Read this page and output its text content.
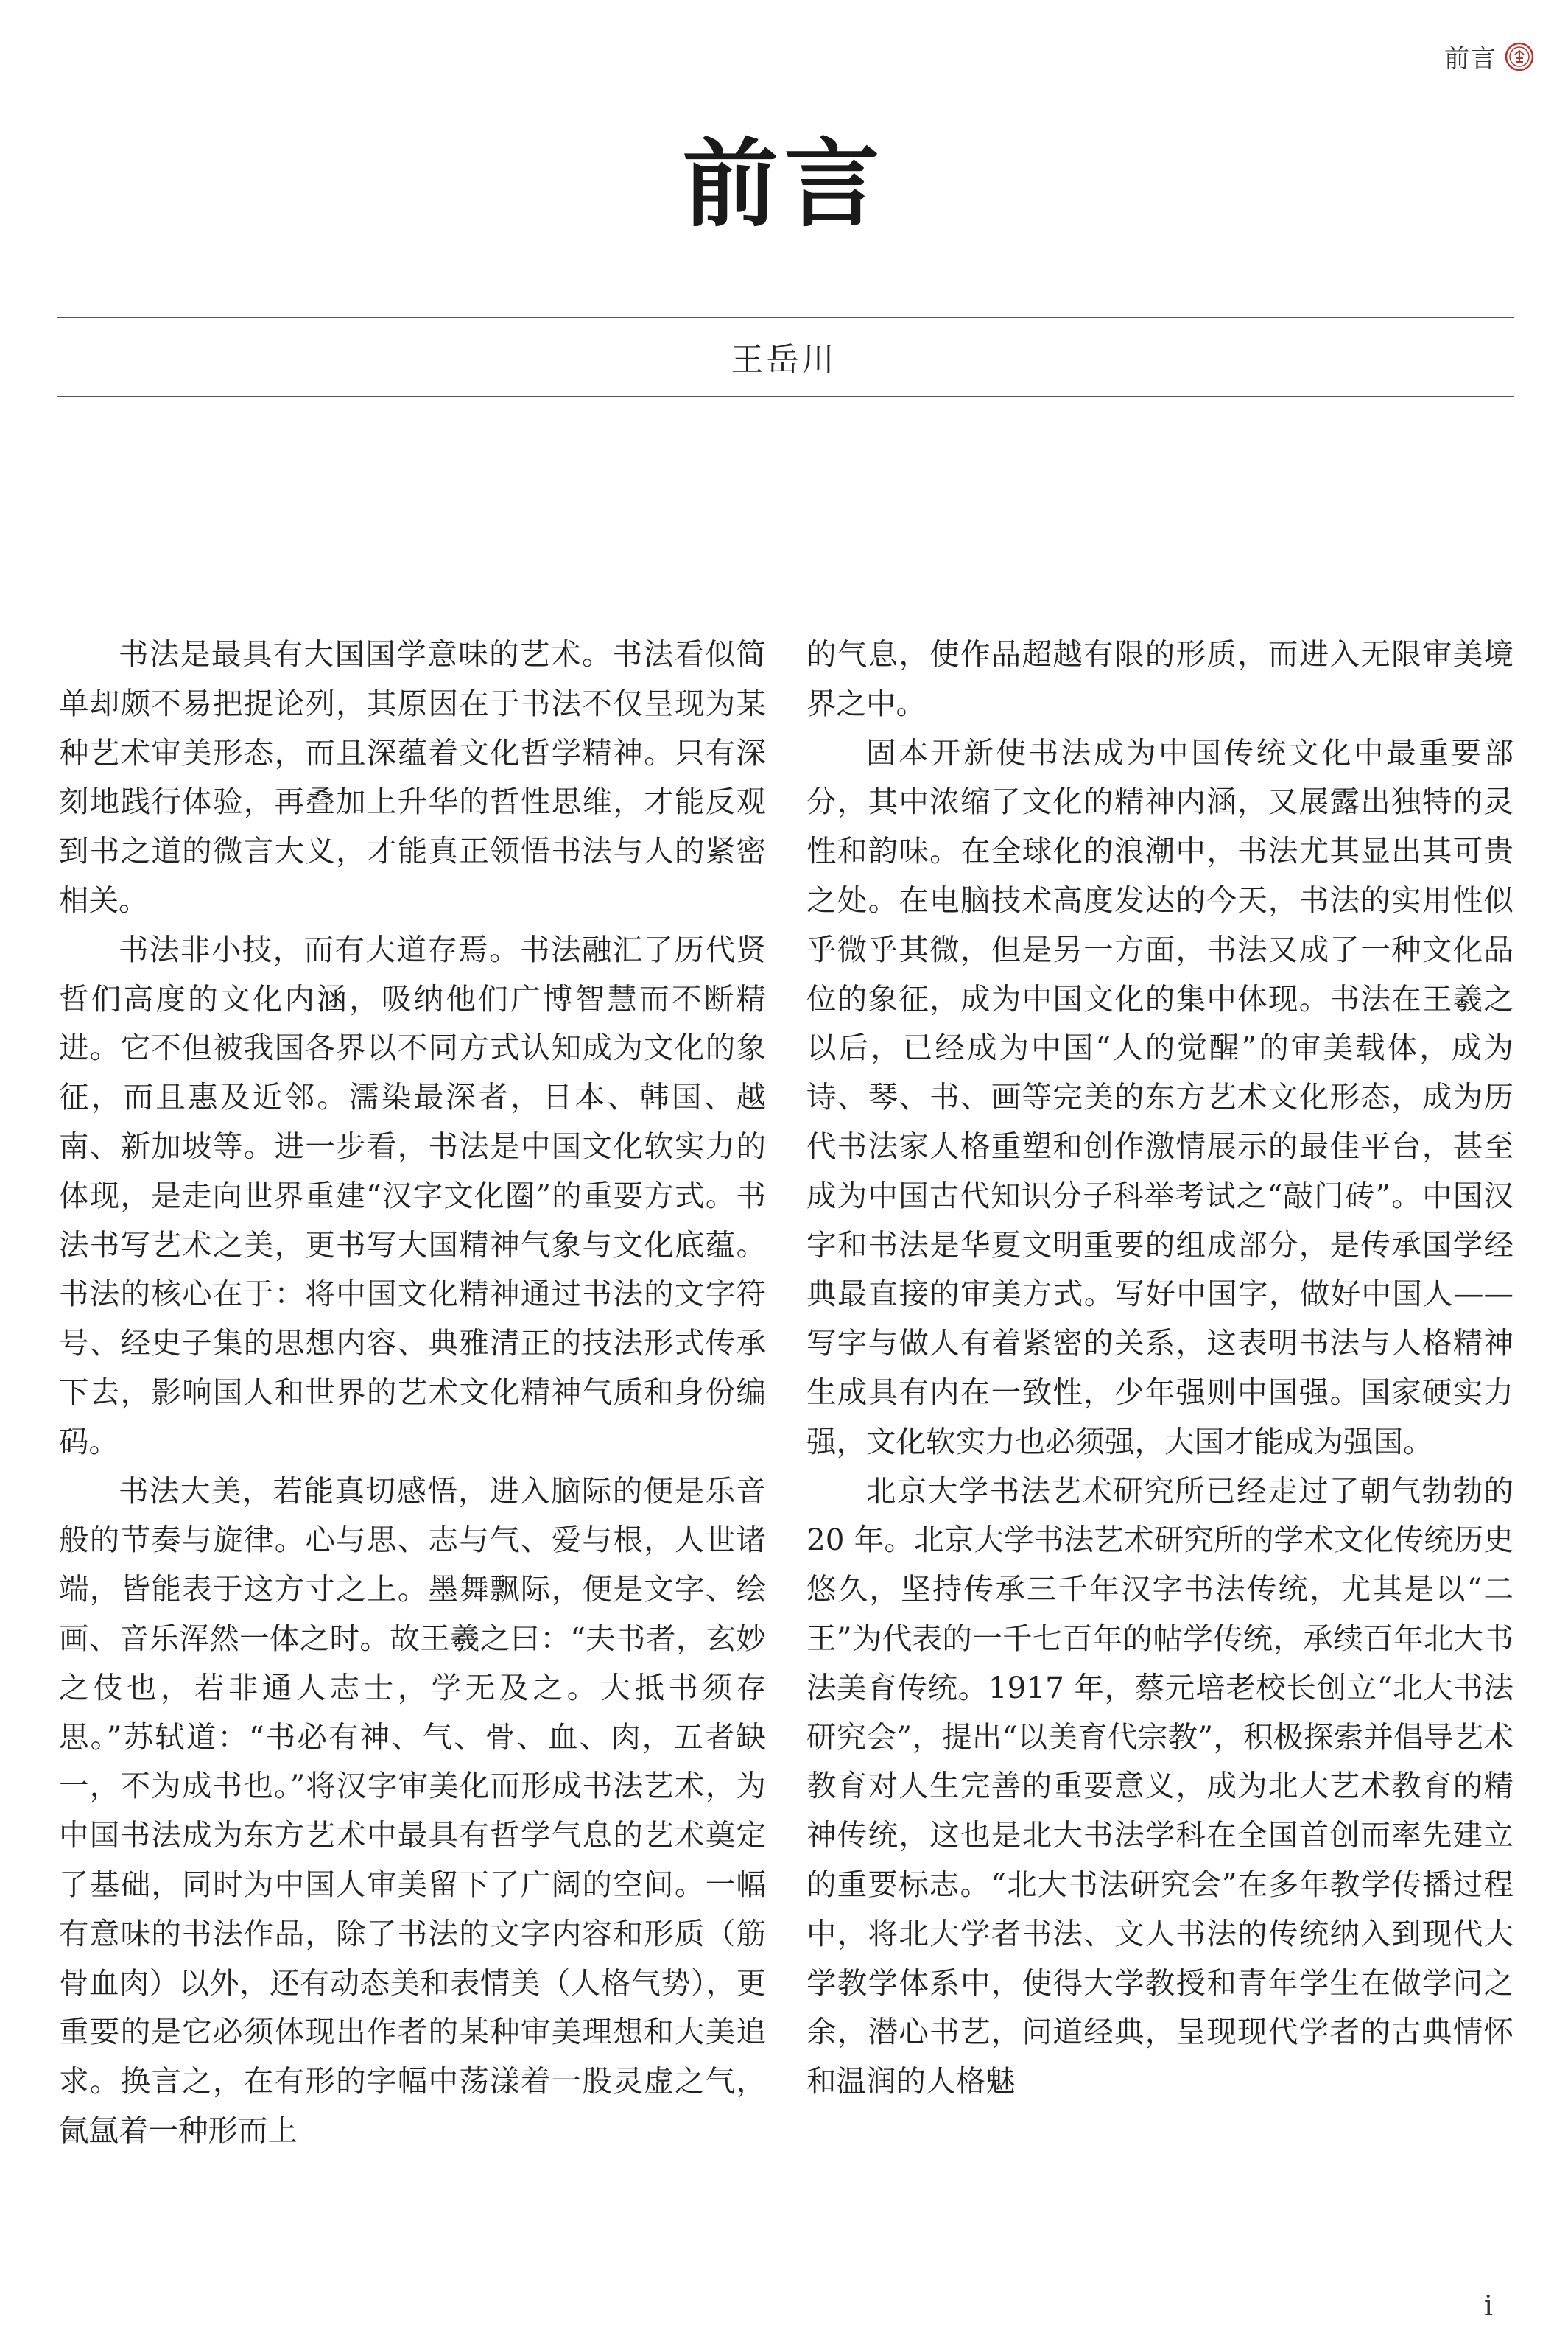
前言
前言
王岳川

书法是最具有大国国学意味的艺术。书法看似简单却颇不易把捉论列，其原因在于书法不仅呈现为某种艺术审美形态，而且深蕴着文化哲学精神。只有深刻地践行体验，再叠加上升华的哲性思维，才能反观到书之道的微言大义，才能真正领悟书法与人的紧密相关。

书法非小技，而有大道存焉。书法融汇了历代贤哲们高度的文化内涵，吸纳他们广博智慧而不断精进。它不但被我国各界以不同方式认知成为文化的象征，而且惠及近邻。濡染最深者，日本、韩国、越南、新加坡等。进一步看，书法是中国文化软实力的体现，是走向世界重建“汉字文化圈”的重要方式。书法书写艺术之美，更书写大国精神气象与文化底蕴。书法的核心在于：将中国文化精神通过书法的文字符号、经史子集的思想内容、典雅清正的技法形式传承下去，影响国人和世界的艺术文化精神气质和身份编码。

书法大美，若能真切感悟，进入脑际的便是乐音般的节奏与旋律。心与思、志与气、爱与根，人世诸端，皆能表于这方寸之上。墨舞飘际，便是文字、绘画、音乐浑然一体之时。故王羲之曰：“夫书者，玄妙之伎也，若非通人志士，学无及之。大抵书须存思。”苏轼道：“书必有神、气、骨、血、肉，五者缺一，不为成书也。”将汉字审美化而形成书法艺术，为中国书法成为东方艺术中最具有哲学气息的艺术奠定了基础，同时为中国人审美留下了广阔的空间。一幅有意味的书法作品，除了书法的文字内容和形质（筋骨血肉）以外，还有动态美和表情美（人格气势），更重要的是它必须体现出作者的某种审美理想和大美追求。换言之，在有形的字幅中荡漾着一股灵虚之气，氤氲着一种形而上

的气息，使作品超越有限的形质，而进入无限审美境界之中。

固本开新使书法成为中国传统文化中最重要部分，其中浓缩了文化的精神内涵，又展露出独特的灵性和韵味。在全球化的浪潮中，书法尤其显出其可贵之处。在电脑技术高度发达的今天，书法的实用性似乎微乎其微，但是另一方面，书法又成了一种文化品位的象征，成为中国文化的集中体现。书法在王羲之以后，已经成为中国“人的觉醒”的审美载体，成为诗、琴、书、画等完美的东方艺术文化形态，成为历代书法家人格重塑和创作激情展示的最佳平台，甚至成为中国古代知识分子科举考试之“敲门砖”。中国汉字和书法是华夏文明重要的组成部分，是传承国学经典最直接的审美方式。写好中国字，做好中国人——写字与做人有着紧密的关系，这表明书法与人格精神生成具有内在一致性，少年强则中国强。国家硬实力强，文化软实力也必须强，大国才能成为强国。

北京大学书法艺术研究所已经走过了朝气勃勃的 20 年。北京大学书法艺术研究所的学术文化传统历史悠久，坚持传承三千年汉字书法传统，尤其是以“二王”为代表的一千七百年的帖学传统，承续百年北大书法美育传统。1917 年，蔡元培老校长创立“北大书法研究会”，提出“以美育代宗教”，积极探索并倡导艺术教育对人生完善的重要意义，成为北大艺术教育的精神传统，这也是北大书法学科在全国首创而率先建立的重要标志。“北大书法研究会”在多年教学传播过程中，将北大学者书法、文人书法的传统纳入到现代大学教学体系中，使得大学教授和青年学生在做学问之余，潜心书艺，问道经典，呈现现代学者的古典情怀和温润的人格魅

i
